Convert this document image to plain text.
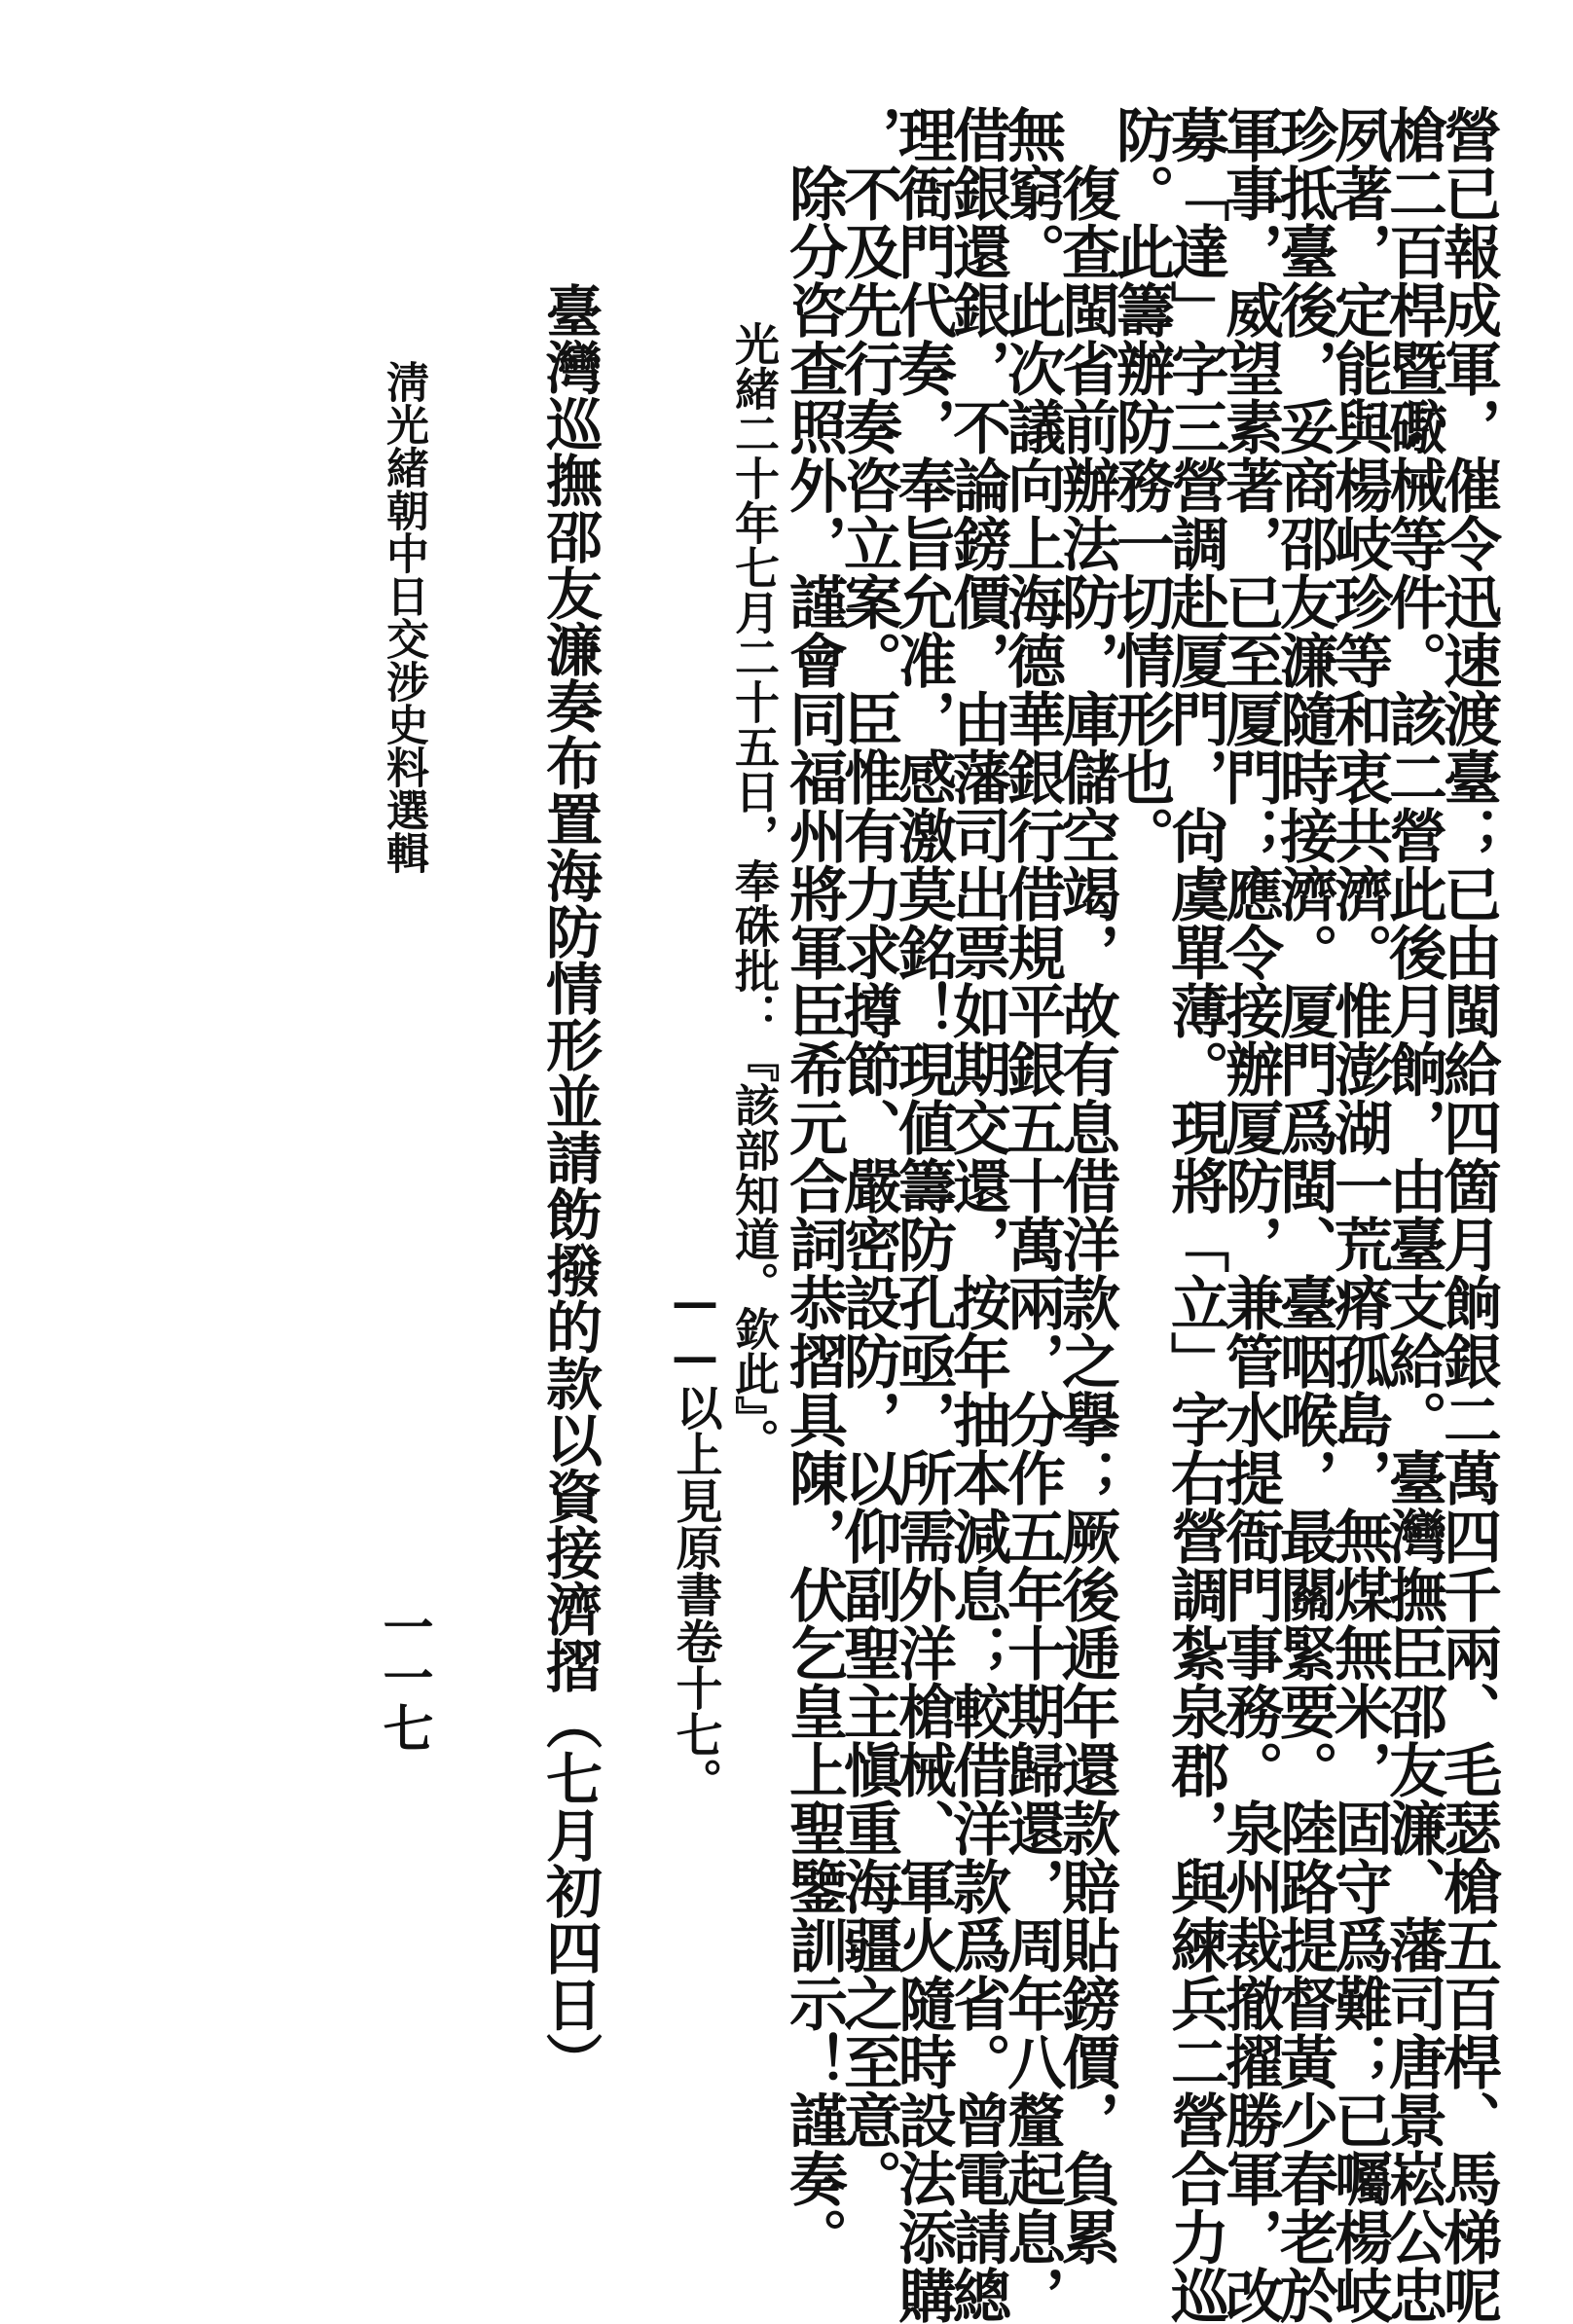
營已報成軍，催令迅速渡臺；已由閩給四箇月餉銀二萬四千兩、毛瑟槍五百桿、馬梯呢
槍二百桿暨礮械等件。該二營此後月餉，由臺支給。臺灣撫臣邵友濂、藩司唐景崧公忠
夙著，定能與楊岐珍等和衷共濟。惟澎湖一荒瘠孤島，無煤無米，固守爲難；已囑楊岐
珍抵臺後，妥商邵友濂隨時接濟。厦門爲閩、臺咽喉，最關緊要。陸路提督黃少春老於
軍事，威望素著，已至厦門；應令接辦厦防，兼管水提衙門事務。泉州裁撤擢勝軍，改
募「達」字三營調赴厦門，尙虞單薄。現將「立」字右營調紮泉郡，與練兵二營合力巡
防。此籌辦防務一切情形也。
　復查閩省前辦法防，庫儲空竭，故有息借洋款之擧；厥後逓年還款賠貼鎊價，負累
無窮。此次議向上海德華銀行借規平銀五十萬兩，分作五年十期歸還，周年八釐起息，
借銀還銀，不論鎊價，由藩司出票如期交還，按年抽本減息；較借洋款爲省。曾電請總
理衙門代奏，奉旨允准，感激莫銘！現値籌防孔亟，所需外洋槍械、軍火隨時設法添購
，不及先行奏咨立案。臣惟有力求撙節、嚴密設防，以仰副聖主愼重海疆之至意。
　除分咨查照外，謹會同福州將軍臣希元合詞恭摺具陳，伏乞皇上聖鑒訓示！謹奏。
光緒二十年七月二十五日，奉硃批：『該部知道。欽此』。
——以上見原書卷十七。
臺灣巡撫邵友濂奏布置海防情形並請飭撥的款以資接濟摺（七月初四日）
淸光緒朝中日交涉史料選輯
一一七
